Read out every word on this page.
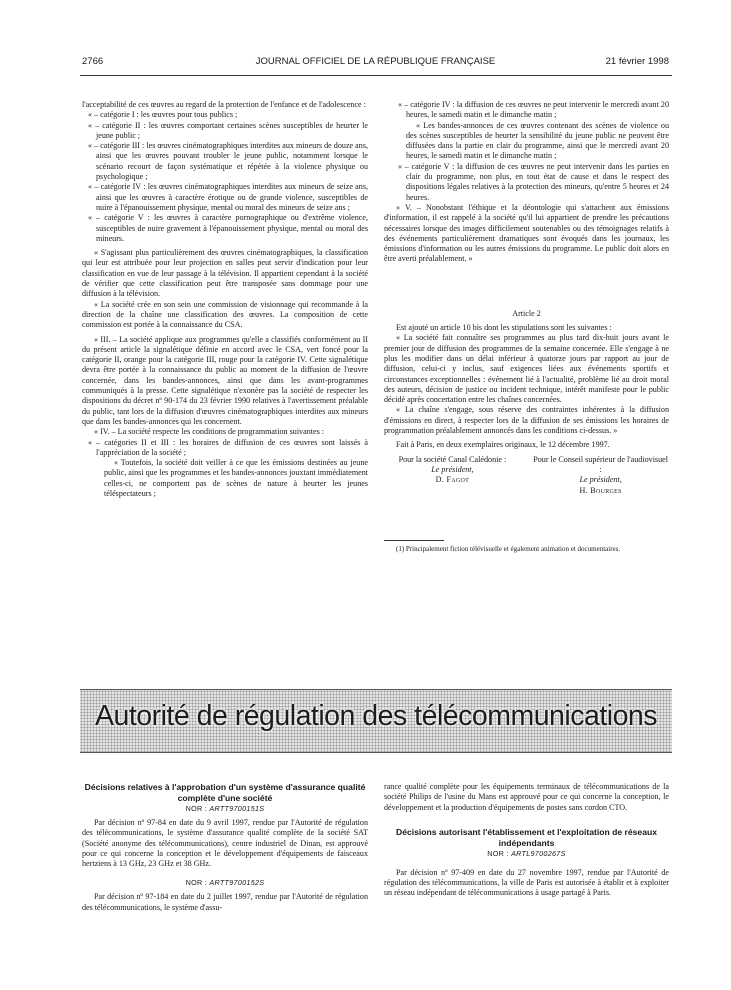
2766	JOURNAL OFFICIEL DE LA RÉPUBLIQUE FRANÇAISE	21 février 1998

l'acceptabilité de ces œuvres au regard de la protection de l'enfance et de l'adolescence :

« – catégorie I : les œuvres pour tous publics ;

« – catégorie II : les œuvres comportant certaines scènes susceptibles de heurter le jeune public ;

« – catégorie III : les œuvres cinématographiques interdites aux mineurs de douze ans, ainsi que les œuvres pouvant troubler le jeune public, notamment lorsque le scénario recourt de façon systématique et répétée à la violence physique ou psychologique ;

« – catégorie IV : les œuvres cinématographiques interdites aux mineurs de seize ans, ainsi que les œuvres à caractère érotique ou de grande violence, susceptibles de nuire à l'épanouissement physique, mental ou moral des mineurs de seize ans ;

« – catégorie V : les œuvres à caractère pornographique ou d'extrême violence, susceptibles de nuire gravement à l'épanouissement physique, mental ou moral des mineurs.

« S'agissant plus particulièrement des œuvres cinématographiques, la classification qui leur est attribuée pour leur projection en salles peut servir d'indication pour leur classification en vue de leur passage à la télévision. Il appartient cependant à la société de vérifier que cette classification peut être transposée sans dommage pour une diffusion à la télévision.

« La société crée en son sein une commission de visionnage qui recommande à la direction de la chaîne une classification des œuvres. La composition de cette commission est portée à la connaissance du CSA.

« III. – La société applique aux programmes qu'elle a classifiés conformément au II du présent article la signalétique définie en accord avec le CSA, vert foncé pour la catégorie II, orange pour la catégorie III, rouge pour la catégorie IV. Cette signalétique devra être portée à la connaissance du public au moment de la diffusion de l'œuvre concernée, dans les bandes-annonces, ainsi que dans les avant-programmes communiqués à la presse. Cette signalétique n'exonère pas la société de respecter les dispositions du décret nº 90-174 du 23 février 1990 relatives à l'avertissement préalable du public, tant lors de la diffusion d'œuvres cinématographiques interdites aux mineurs que dans les bandes-annonces qui les concernent.

« IV. – La société respecte les conditions de programmation suivantes :

« – catégories II et III : les horaires de diffusion de ces œuvres sont laissés à l'appréciation de la société ;

« Toutefois, la société doit veiller à ce que les émissions destinées au jeune public, ainsi que les programmes et les bandes-annonces jouxtant immédiatement celles-ci, ne comportent pas de scènes de nature à heurter les jeunes téléspectateurs ;

« – catégorie IV : la diffusion de ces œuvres ne peut intervenir le mercredi avant 20 heures, le samedi matin et le dimanche matin ;

« Les bandes-annonces de ces œuvres contenant des scènes de violence ou des scènes susceptibles de heurter la sensibilité du jeune public ne peuvent être diffusées dans la partie en clair du programme, ainsi que le mercredi avant 20 heures, le samedi matin et le dimanche matin ;

« – catégorie V : la diffusion de ces œuvres ne peut intervenir dans les parties en clair du programme, non plus, en tout état de cause et dans le respect des dispositions légales relatives à la protection des mineurs, qu'entre 5 heures et 24 heures.

« V. – Nonobstant l'éthique et la déontologie qui s'attachent aux émissions d'information, il est rappelé à la société qu'il lui appartient de prendre les précautions nécessaires lorsque des images difficilement soutenables ou des témoignages relatifs à des événements particulièrement dramatiques sont évoqués dans les journaux, les émissions d'information ou les autres émissions du programme. Le public doit alors en être averti préalablement. »

Article 2

Est ajouté un article 10 bis dont les stipulations sont les suivantes :

« La société fait connaître ses programmes au plus tard dix-huit jours avant le premier jour de diffusion des programmes de la semaine concernée. Elle s'engage à ne plus les modifier dans un délai inférieur à quatorze jours par rapport au jour de diffusion, celui-ci y inclus, sauf exigences liées aux événements sportifs et circonstances exceptionnelles : événement lié à l'actualité, problème lié au droit moral des auteurs, décision de justice ou incident technique, intérêt manifeste pour le public décidé après concertation entre les chaînes concernées.

« La chaîne s'engage, sous réserve des contraintes inhérentes à la diffusion d'émissions en direct, à respecter lors de la diffusion de ses émissions les horaires de programmation préalablement annoncés dans les conditions ci-dessus. »

Fait à Paris, en deux exemplaires originaux, le 12 décembre 1997.

Pour la société Canal Calédonie :
Le président,
D. Fagot
Pour le Conseil supérieur de l'audiovisuel :
Le président,
H. Bourges

(1) Principalement fiction télévisuelle et également animation et documentaires.

Autorité de régulation des télécommunications

Décisions relatives à l'approbation d'un système d'assurance qualité complète d'une société

NOR : ARTT9700151S

Par décision nº 97-84 en date du 9 avril 1997, rendue par l'Autorité de régulation des télécommunications, le système d'assurance qualité complète de la société SAT (Société anonyme des télécommunications), centre industriel de Dinan, est approuvé pour ce qui concerne la conception et le développement d'équipements de faisceaux hertziens à 13 GHz, 23 GHz et 38 GHz.

NOR : ARTT9700152S

Par décision nº 97-184 en date du 2 juillet 1997, rendue par l'Autorité de régulation des télécommunications, le système d'assu-

rance qualité complète pour les équipements terminaux de télécommunications de la société Philips de l'usine du Mans est approuvé pour ce qui concerne la conception, le développement et la production d'équipements de postes sans cordon CTO.

Décisions autorisant l'établissement et l'exploitation de réseaux indépendants

NOR : ARTL9700267S

Par décision nº 97-409 en date du 27 novembre 1997, rendue par l'Autorité de régulation des télécommunications, la ville de Paris est autorisée à établir et à exploiter un réseau indépendant de télécommunications à usage partagé à Paris.
